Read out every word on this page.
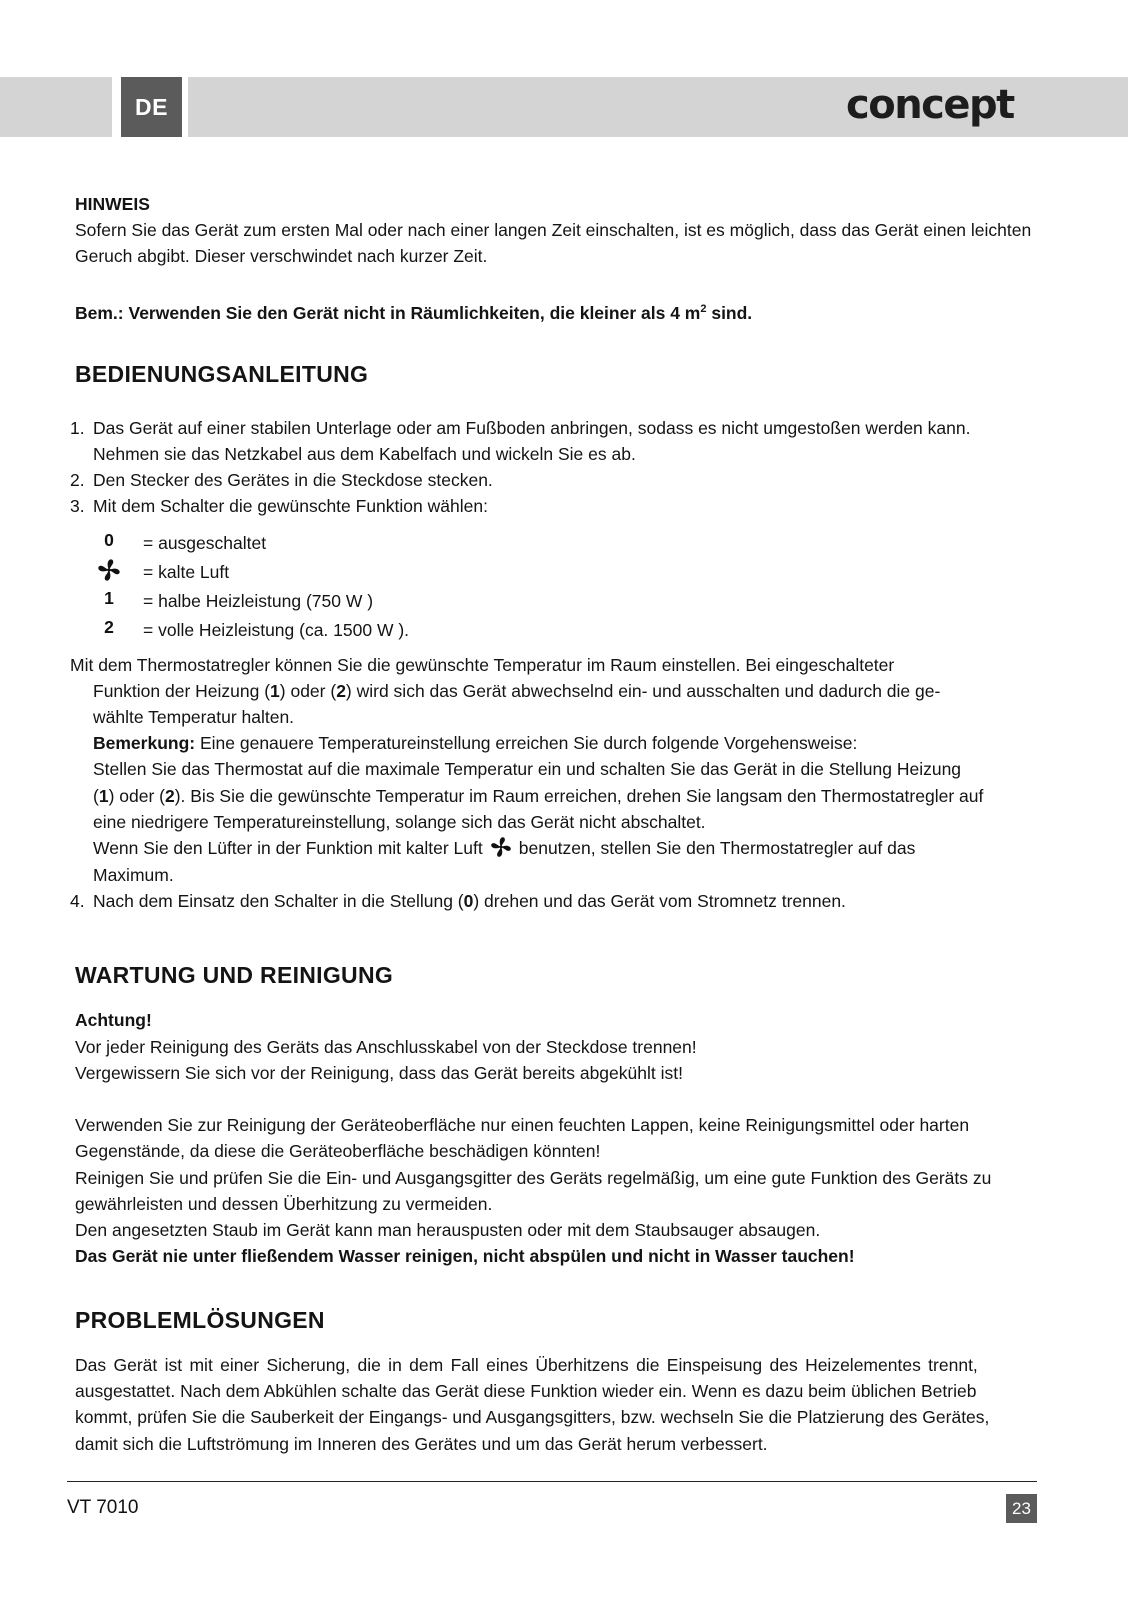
DE	concept
HINWEIS
Sofern Sie das Gerät zum ersten Mal oder nach einer langen Zeit einschalten, ist es möglich, dass das Gerät einen leichten
Geruch abgibt. Dieser verschwindet nach kurzer Zeit.
Bem.: Verwenden Sie den Gerät nicht in Räumlichkeiten, die kleiner als 4 $m^2$ sind.
BEDIENUNGSANLEITUNG
1. Das Gerät auf einer stabilen Unterlage oder am Fußboden anbringen, sodass es nicht umgestoßen werden kann.
Nehmen sie das Netzkabel aus dem Kabelfach und wickeln Sie es ab.
2. Den Stecker des Gerätes in die Steckdose stecken.
3. Mit dem Schalter die gewünschte Funktion wählen:
0	= ausgeschaltet
= kalte Luft
1	= halbe Heizleistung (750 W )
2	= volle Heizleistung (ca. 1500 W ).
Mit dem Thermostatregler können Sie die gewünschte Temperatur im Raum einstellen. Bei eingeschalteter
Funktion der Heizung (1) oder (2) wird sich das Gerät abwechselnd ein- und ausschalten und dadurch die ge-
wählte Temperatur halten.
Bemerkung: Eine genauere Temperatureinstellung erreichen Sie durch folgende Vorgehensweise:
Stellen Sie das Thermostat auf die maximale Temperatur ein und schalten Sie das Gerät in die Stellung Heizung
(1) oder (2). Bis Sie die gewünschte Temperatur im Raum erreichen, drehen Sie langsam den Thermostatregler auf
eine niedrigere Temperatureinstellung, solange sich das Gerät nicht abschaltet.
Wenn Sie den Lüfter in der Funktion mit kalter Luft benutzen, stellen Sie den Thermostatregler auf das
Maximum.
4. Nach dem Einsatz den Schalter in die Stellung (0) drehen und das Gerät vom Stromnetz trennen.
WARTUNG UND REINIGUNG
Achtung!
Vor jeder Reinigung des Geräts das Anschlusskabel von der Steckdose trennen!
Vergewissern Sie sich vor der Reinigung, dass das Gerät bereits abgekühlt ist!
Verwenden Sie zur Reinigung der Geräteoberfläche nur einen feuchten Lappen, keine Reinigungsmittel oder harten
Gegenstände, da diese die Geräteoberfläche beschädigen könnten!
Reinigen Sie und prüfen Sie die Ein- und Ausgangsgitter des Geräts regelmäßig, um eine gute Funktion des Geräts zu
gewährleisten und dessen Überhitzung zu vermeiden.
Den angesetzten Staub im Gerät kann man herauspusten oder mit dem Staubsauger absaugen.
Das Gerät nie unter fließendem Wasser reinigen, nicht abspülen und nicht in Wasser tauchen!
PROBLEMLÖSUNGEN
Das Gerät ist mit einer Sicherung, die in dem Fall eines Überhitzens die Einspeisung des Heizelementes trennt,
ausgestattet. Nach dem Abkühlen schalte das Gerät diese Funktion wieder ein. Wenn es dazu beim üblichen Betrieb
kommt, prüfen Sie die Sauberkeit der Eingangs- und Ausgangsgitters, bzw. wechseln Sie die Platzierung des Gerätes,
damit sich die Luftströmung im Inneren des Gerätes und um das Gerät herum verbessert.
VT 7010	23
